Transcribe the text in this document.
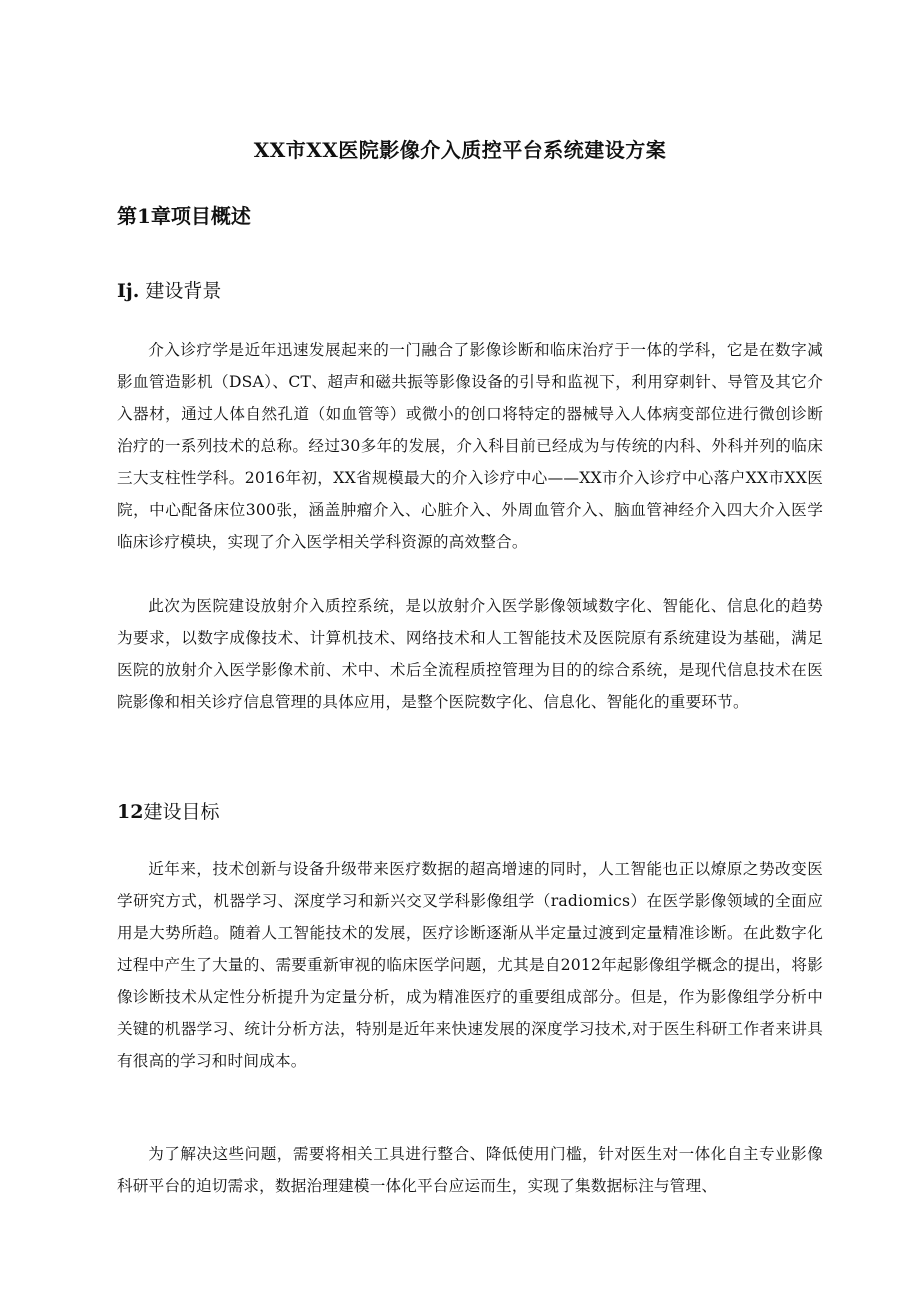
XX市XX医院影像介入质控平台系统建设方案
第1章项目概述
Ij. 建设背景

介入诊疗学是近年迅速发展起来的一门融合了影像诊断和临床治疗于一体的学科，它是在数字减影血管造影机（DSA）、CT、超声和磁共振等影像设备的引导和监视下，利用穿刺针、导管及其它介入器材，通过人体自然孔道（如血管等）或微小的创口将特定的器械导入人体病变部位进行微创诊断治疗的一系列技术的总称。经过30多年的发展，介入科目前已经成为与传统的内科、外科并列的临床三大支柱性学科。2016年初，XX省规模最大的介入诊疗中心——XX市介入诊疗中心落户XX市XX医院，中心配备床位300张，涵盖肿瘤介入、心脏介入、外周血管介入、脑血管神经介入四大介入医学临床诊疗模块，实现了介入医学相关学科资源的高效整合。

此次为医院建设放射介入质控系统，是以放射介入医学影像领域数字化、智能化、信息化的趋势为要求，以数字成像技术、计算机技术、网络技术和人工智能技术及医院原有系统建设为基础，满足医院的放射介入医学影像术前、术中、术后全流程质控管理为目的的综合系统，是现代信息技术在医院影像和相关诊疗信息管理的具体应用，是整个医院数字化、信息化、智能化的重要环节。

12建设目标

近年来，技术创新与设备升级带来医疗数据的超高增速的同时，人工智能也正以燎原之势改变医学研究方式，机器学习、深度学习和新兴交叉学科影像组学（radiomics）在医学影像领域的全面应用是大势所趋。随着人工智能技术的发展，医疗诊断逐渐从半定量过渡到定量精准诊断。在此数字化过程中产生了大量的、需要重新审视的临床医学问题，尤其是自2012年起影像组学概念的提出，将影像诊断技术从定性分析提升为定量分析，成为精准医疗的重要组成部分。但是，作为影像组学分析中关键的机器学习、统计分析方法，特别是近年来快速发展的深度学习技术,对于医生科研工作者来讲具有很高的学习和时间成本。

为了解决这些问题，需要将相关工具进行整合、降低使用门槛，针对医生对一体化自主专业影像科研平台的迫切需求，数据治理建模一体化平台应运而生，实现了集数据标注与管理、
